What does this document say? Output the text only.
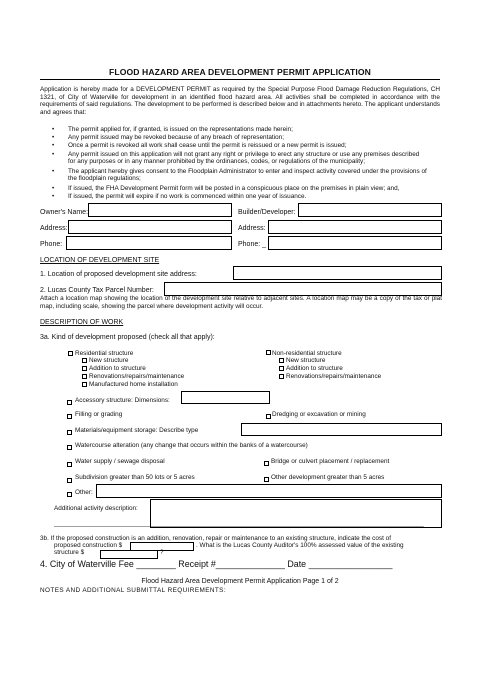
FLOOD HAZARD AREA DEVELOPMENT PERMIT APPLICATION
Application is hereby made for a DEVELOPMENT PERMIT as required by the Special Purpose Flood Damage Reduction Regulations, CH 1321, of City of Waterville for development in an identified flood hazard area. All activities shall be completed in accordance with the requirements of said regulations. The development to be performed is described below and in attachments hereto. The applicant understands and agrees that:
• The permit applied for, if granted, is issued on the representations made herein;
• Any permit issued may be revoked because of any breach of representation;
• Once a permit is revoked all work shall cease until the permit is reissued or a new permit is issued;
• Any permit issued on this application will not grant any right or privilege to erect any structure or use any premises described for any purposes or in any manner prohibited by the ordinances, codes, or regulations of the municipality;
• The applicant hereby gives consent to the Floodplain Administrator to enter and inspect activity covered under the provisions of the floodplain regulations;
• If issued, the FHA Development Permit form will be posted in a conspicuous place on the premises in plain view; and,
• If issued, the permit will expire if no work is commenced within one year of issuance.
Owner's Name:	Builder/Developer:
Address:	Address:
Phone:	Phone: _
LOCATION OF DEVELOPMENT SITE
1. Location of proposed development site address:
2. Lucas County Tax Parcel Number:
Attach a location map showing the location of the development site relative to adjacent sites. A location map may be a copy of the tax or plat map, including scale, showing the parcel where development activity will occur.
DESCRIPTION OF WORK
3a. Kind of development proposed (check all that apply):
Residential structure
New structure
Addition to structure
Renovations/repairs/maintenance
Manufactured home installation
Non-residential structure
New structure
Addition to structure
Renovations/repairs/maintenance
Accessory structure: Dimensions:
Filling or grading	Dredging or excavation or mining
Materials/equipment storage: Describe type
Watercourse alteration (any change that occurs within the banks of a watercourse)
Water supply / sewage disposal	Bridge or culvert placement / replacement
Subdivision greater than 50 lots or 5 acres	Other development greater than 5 acres
Other:
Additional activity description:
________________________________________________________________________________________________________
3b. If the proposed construction is an addition, renovation, repair or maintenance to an existing structure, indicate the cost of
proposed construction $	. What is the Lucas County Auditor's 100% assessed value of the existing
structure $	?
4. City of Waterville Fee ________ Receipt #______________ Date _________________
Flood Hazard Area Development Permit Application Page 1 of 2
NOTES AND ADDITIONAL SUBMITTAL REQUIREMENTS:
